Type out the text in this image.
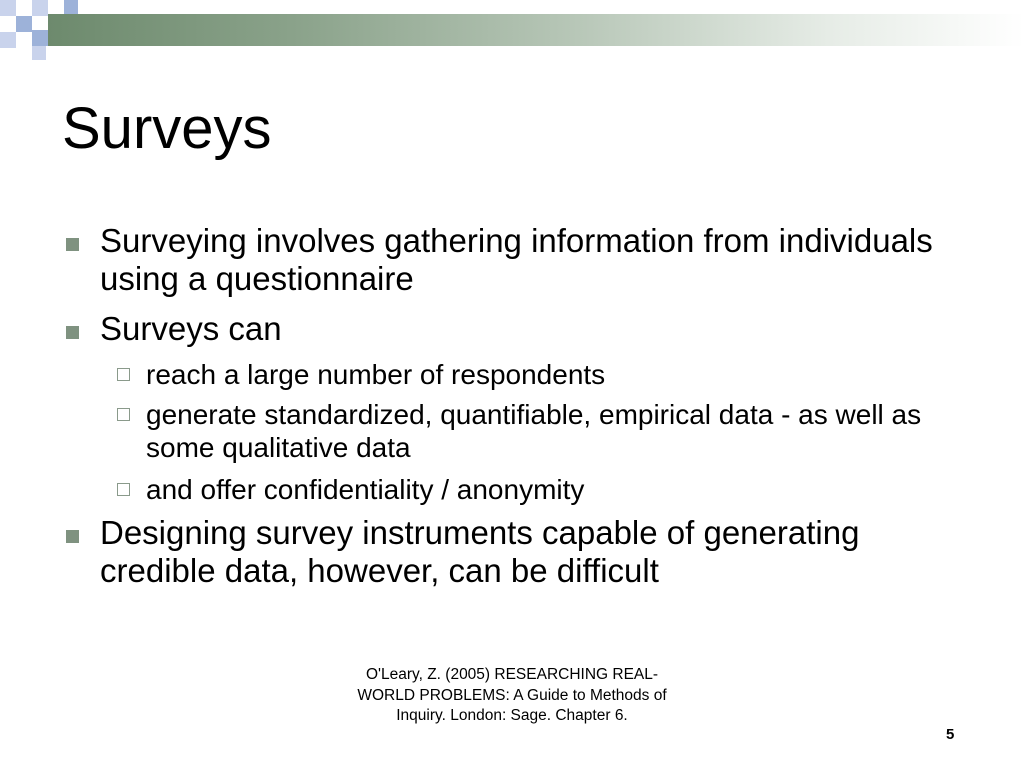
Surveys
Surveying involves gathering information from individuals using a questionnaire
Surveys can
reach a large number of respondents
generate standardized, quantifiable, empirical data - as well as some qualitative data
and offer confidentiality / anonymity
Designing survey instruments capable of generating credible data, however, can be difficult
O'Leary, Z. (2005) RESEARCHING REAL-WORLD PROBLEMS: A Guide to Methods of Inquiry. London: Sage. Chapter 6.
5
